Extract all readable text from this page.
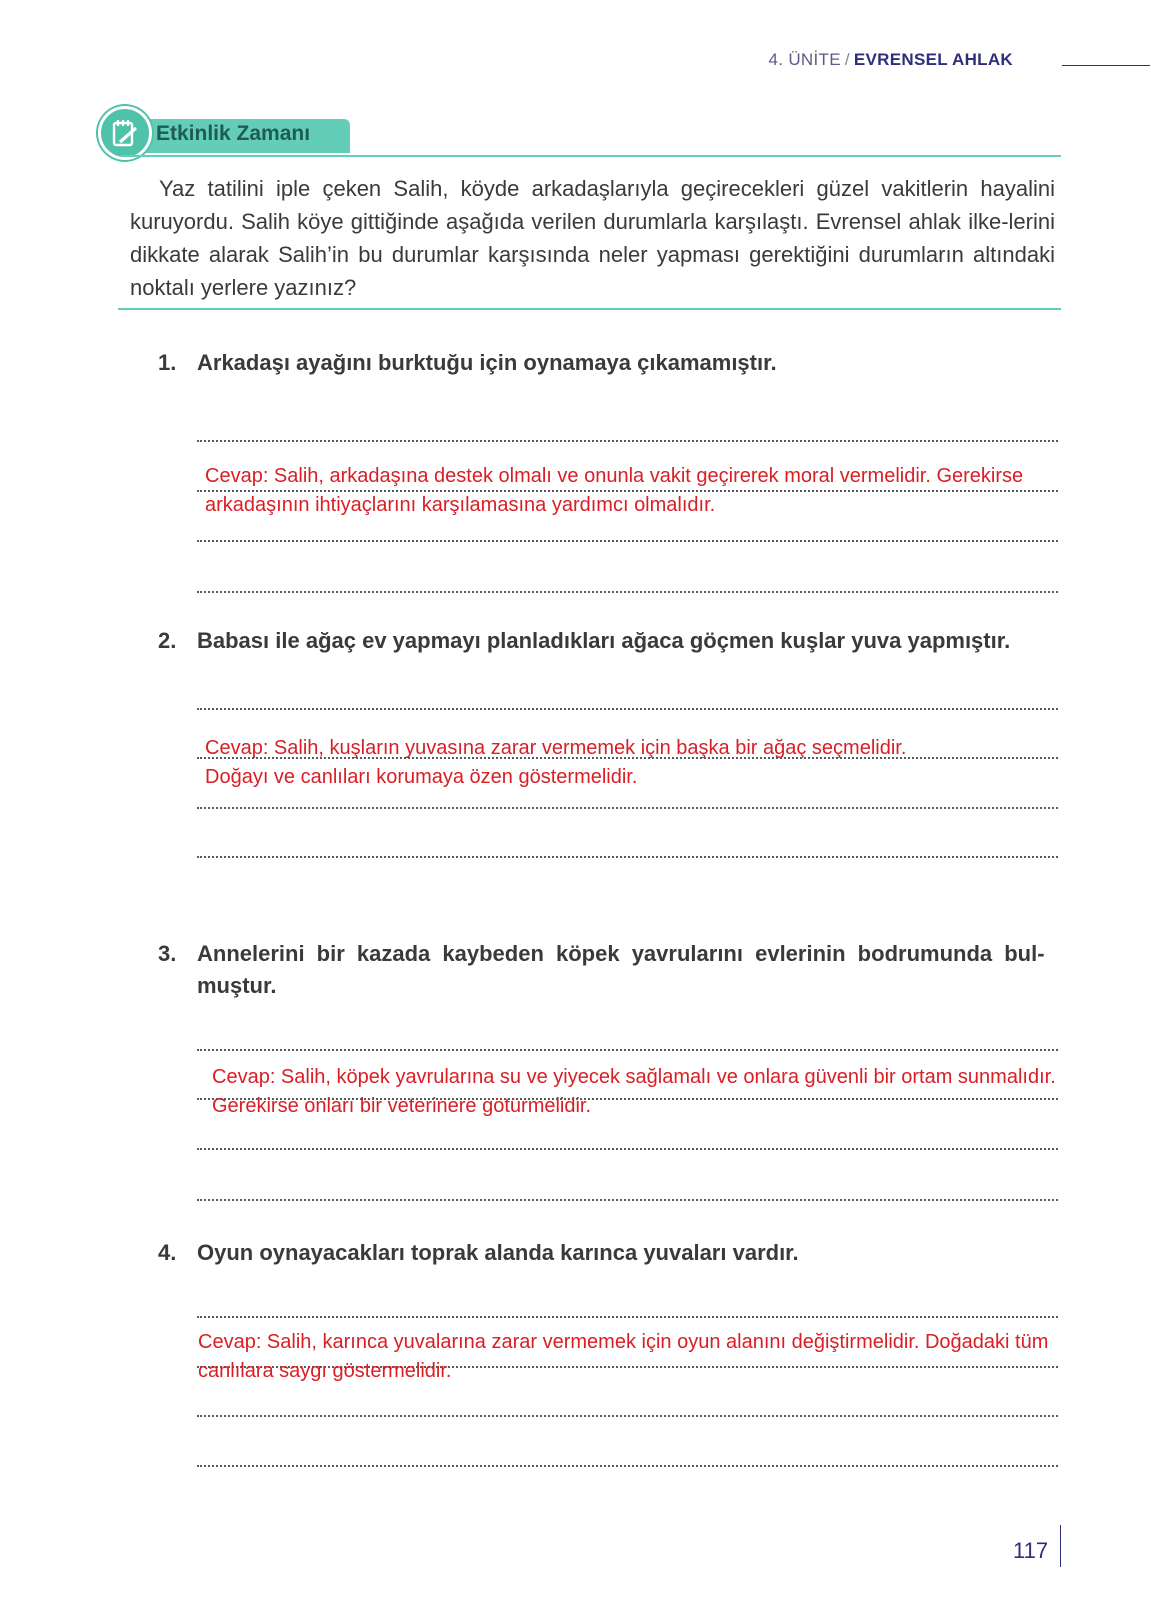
4. ÜNİTE / EVRENSEL AHLAK
Etkinlik Zamanı
Yaz tatilini iple çeken Salih, köyde arkadaşlarıyla geçirecekleri güzel vakitlerin hayalini kuruyordu. Salih köye gittiğinde aşağıda verilen durumlarla karşılaştı. Evrensel ahlak ilke-lerini dikkate alarak Salih’in bu durumlar karşısında neler yapması gerektiğini durumların altındaki noktalı yerlere yazınız?
1. Arkadaşı ayağını burktuğu için oynamaya çıkamamıştır.
Cevap: Salih, arkadaşına destek olmalı ve onunla vakit geçirerek moral vermelidir. Gerekirse
arkadaşının ihtiyaçlarını karşılamasına yardımcı olmalıdır.
2. Babası ile ağaç ev yapmayı planladıkları ağaca göçmen kuşlar yuva yapmıştır.
Cevap: Salih, kuşların yuvasına zarar vermemek için başka bir ağaç seçmelidir.
Doğayı ve canlıları korumaya özen göstermelidir.
3. Annelerini bir kazada kaybeden köpek yavrularını evlerinin bodrumunda bul-
muştur.
Cevap: Salih, köpek yavrularına su ve yiyecek sağlamalı ve onlara güvenli bir ortam sunmalıdır.
Gerekirse onları bir veterinere götürmelidir.
4. Oyun oynayacakları toprak alanda karınca yuvaları vardır.
Cevap: Salih, karınca yuvalarına zarar vermemek için oyun alanını değiştirmelidir. Doğadaki tüm
canlılara saygı göstermelidir.
117
